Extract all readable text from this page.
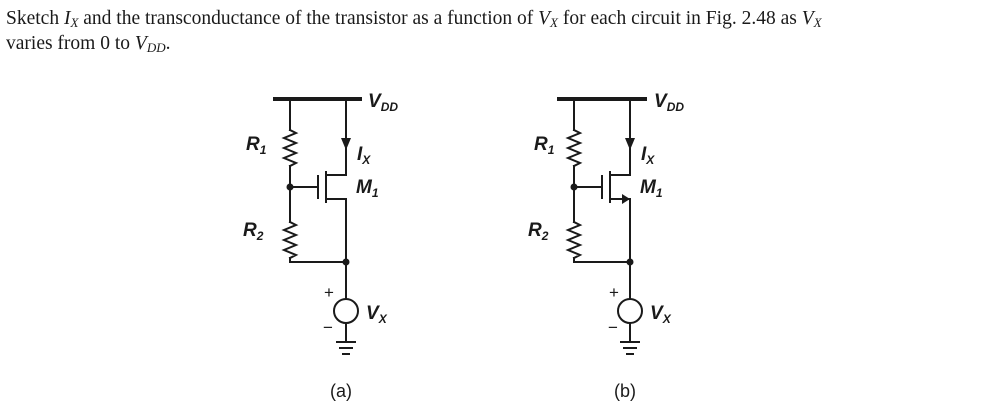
Sketch $I_X$ and the transconductance of the transistor as a function of $V_X$ for each circuit in Fig. 2.48 as $V_X$
varies from 0 to $V_{DD}$.

$V_{DD}$
$R_1$
$R_2$
$M_1$
$I_X$
+
−
$V_X$
(a)
$V_{DD}$
$R_1$
$R_2$
$M_1$
$I_X$
+
−
$V_X$
(b)
